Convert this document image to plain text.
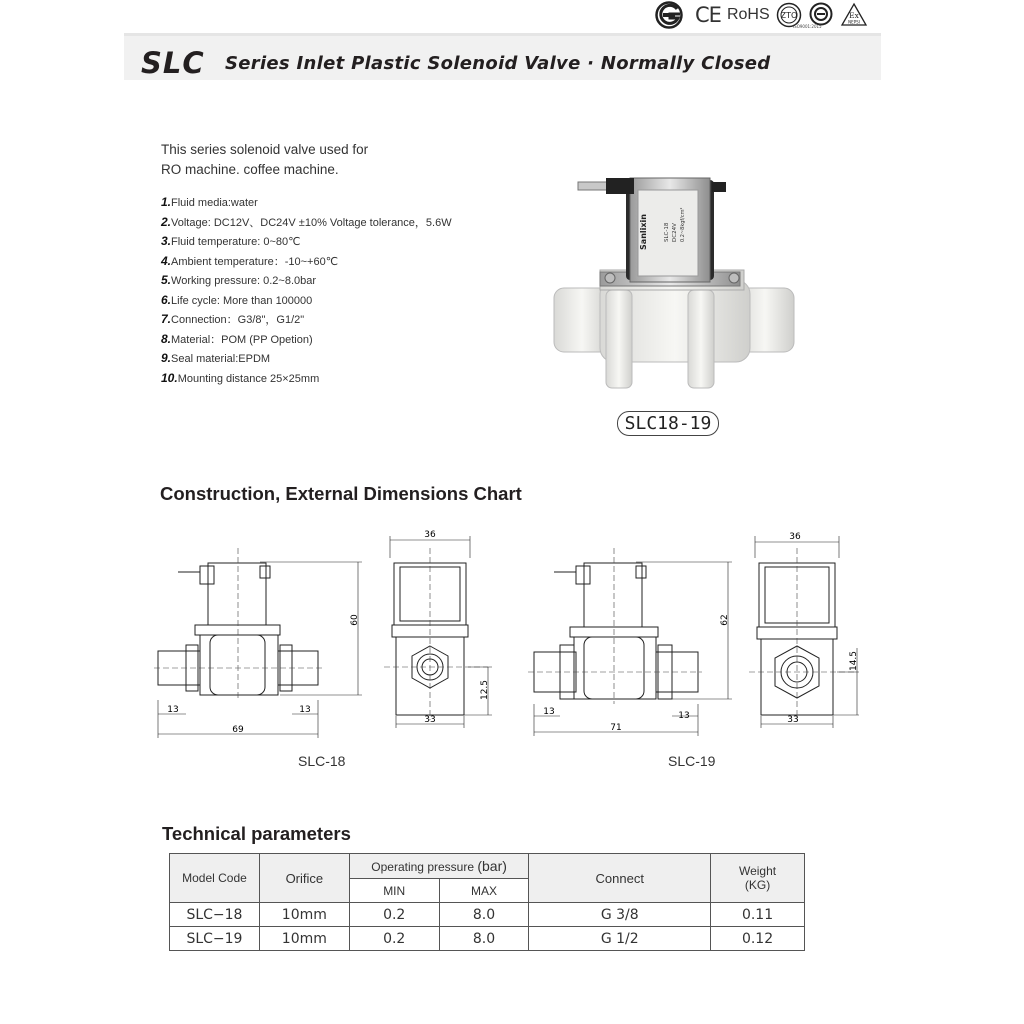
CE RoHS ZTO	Ex
NEPSI
ISO9001:2015
SLC Series Inlet Plastic Solenoid Valve · Normally Closed
This series solenoid valve used for
RO machine. coffee machine.
1.Fluid media:water
2.Voltage: DC12V、DC24V ±10% Voltage tolerance，5.6W
3.Fluid temperature: 0~80℃
4.Ambient temperature：-10~+60℃
5.Working pressure: 0.2~8.0bar
6.Life cycle: More than 100000
7.Connection：G3/8"，G1/2"
8.Material：POM (PP Opetion)
9.Seal material:EPDM
10.Mounting distance 25×25mm
Sanlixin	SLC-18 DC24V 0.2~8kgf/cm²
SLC18-19
Construction, External Dimensions Chart
60
13	13
69
36
33
12.5
SLC-18
62
13	13
71
36
33
14.5
SLC-19
Technical parameters
Model Code	Orifice	Operating pressure (bar)		Connect	Weight
(KG)

		MIN	MAX		
SLC−18	10mm	0.2	8.0	G 3/8	0.11
SLC−19	10mm	0.2	8.0	G 1/2	0.12
